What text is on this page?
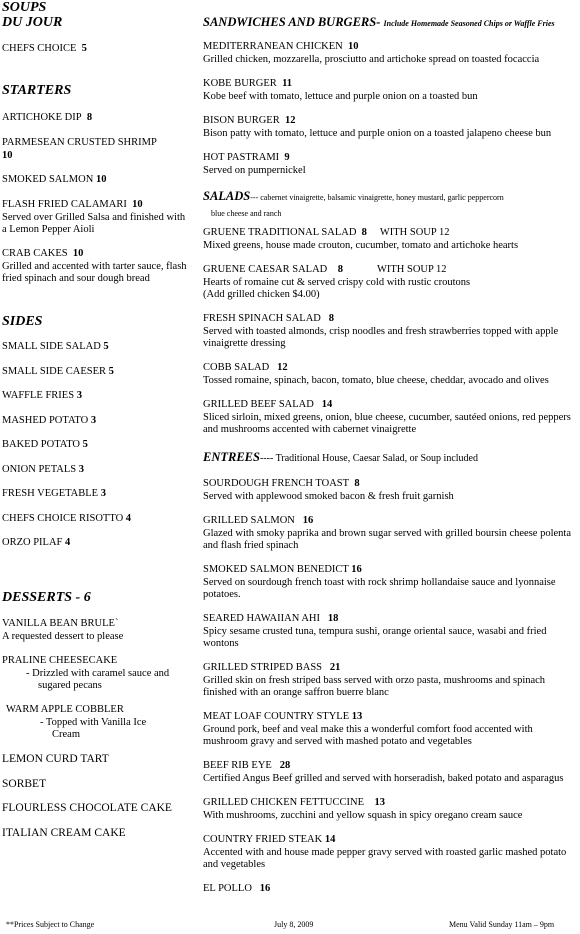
SOUPS
DU JOUR
CHEFS CHOICE 5
STARTERS
ARTICHOKE DIP 8
PARMESEAN CRUSTED SHRIMP  10
SMOKED SALMON 10
FLASH FRIED CALAMARI 10
Served over Grilled Salsa and finished with a Lemon Pepper Aioli
CRAB CAKES 10
Grilled and accented with tarter sauce, flash fried spinach and sour dough bread
SIDES
SMALL SIDE SALAD 5
SMALL SIDE CAESER 5
WAFFLE FRIES 3
MASHED POTATO 3
BAKED POTATO 5
ONION PETALS 3
FRESH VEGETABLE 3
CHEFS CHOICE RISOTTO 4
ORZO PILAF 4
DESSERTS - 6
VANILLA BEAN BRULE`
A requested dessert to please
PRALINE CHEESECAKE
- Drizzled with caramel sauce and sugared pecans
WARM APPLE COBBLER
- Topped with Vanilla Ice Cream
LEMON CURD TART
SORBET
FLOURLESS CHOCOLATE CAKE
ITALIAN CREAM CAKE
SANDWICHES AND BURGERS- Include Homemade Seasoned Chips or Waffle Fries
MEDITERRANEAN CHICKEN 10
Grilled chicken, mozzarella, prosciutto and artichoke spread on toasted focaccia
KOBE BURGER 11
Kobe beef with tomato, lettuce and purple onion on a toasted bun
BISON BURGER 12
Bison patty with tomato, lettuce and purple onion on a toasted jalapeno cheese bun
HOT PASTRAMI 9
Served on pumpernickel
SALADS--- cabernet vinaigrette, balsamic vinaigrette, honey mustard, garlic peppercorn
blue cheese and ranch
GRUENE TRADITIONAL SALAD 8 WITH SOUP 12
Mixed greens, house made crouton, cucumber, tomato and artichoke hearts
GRUENE CAESAR SALAD 8	WITH SOUP 12
Hearts of romaine cut & served crispy cold with rustic croutons
(Add grilled chicken $4.00)
FRESH SPINACH SALAD 8
Served with toasted almonds, crisp noodles and fresh strawberries topped with apple vinaigrette dressing
COBB SALAD 12
Tossed romaine, spinach, bacon, tomato, blue cheese, cheddar, avocado and olives
GRILLED BEEF SALAD 14
Sliced sirloin, mixed greens, onion, blue cheese, cucumber, sautéed onions, red peppers and mushrooms accented with cabernet vinaigrette
ENTREES---- Traditional House, Caesar Salad, or Soup included
SOURDOUGH FRENCH TOAST 8
Served with applewood smoked bacon & fresh fruit garnish
GRILLED SALMON 16
Glazed with smoky paprika and brown sugar served with grilled boursin cheese polenta and flash fried spinach
SMOKED SALMON BENEDICT 16
Served on sourdough french toast with rock shrimp hollandaise sauce and lyonnaise potatoes.
SEARED HAWAIIAN AHI 18
Spicy sesame crusted tuna, tempura sushi, orange oriental sauce, wasabi and fried wontons
GRILLED STRIPED BASS 21
Grilled skin on fresh striped bass served with orzo pasta, mushrooms and spinach finished with an orange saffron buerre blanc
MEAT LOAF COUNTRY STYLE 13
Ground pork, beef and veal make this a wonderful comfort food accented with mushroom gravy and served with mashed potato and vegetables
BEEF RIB EYE 28
Certified Angus Beef grilled and served with horseradish, baked potato and asparagus
GRILLED CHICKEN FETTUCCINE 13
With mushrooms, zucchini and yellow squash in spicy oregano cream sauce
COUNTRY FRIED STEAK 14
Accented with and house made pepper gravy served with roasted garlic mashed potato and vegetables
EL POLLO 16
**Prices Subject to Change	July 8, 2009	Menu Valid Sunday 11am – 9pm
